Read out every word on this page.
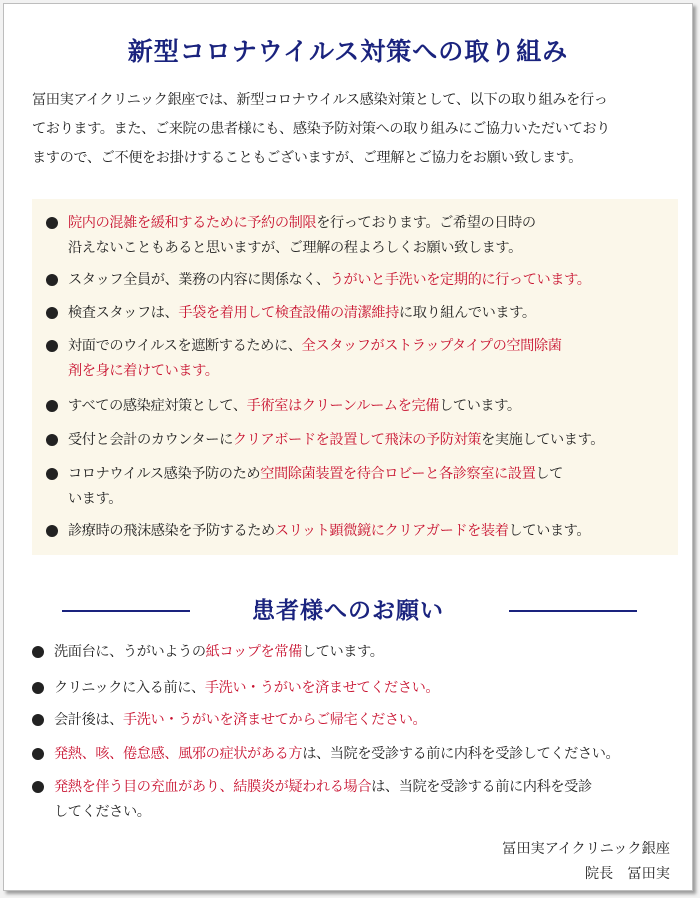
新型コロナウイルス対策への取り組み

冨田実アイクリニック銀座では、新型コロナウイルス感染対策として、以下の取り組みを行っ
ております。また、ご来院の患者様にも、感染予防対策への取り組みにご協力いただいており
ますので、ご不便をお掛けすることもございますが、ご理解とご協力をお願い致します。

院内の混雑を緩和するために予約の制限を行っております。ご希望の日時の
沿えないこともあると思いますが、ご理解の程よろしくお願い致します。
スタッフ全員が、業務の内容に関係なく、うがいと手洗いを定期的に行っています。
検査スタッフは、手袋を着用して検査設備の清潔維持に取り組んでいます。
対面でのウイルスを遮断するために、全スタッフがストラップタイプの空間除菌
剤を身に着けています。
すべての感染症対策として、手術室はクリーンルームを完備しています。
受付と会計のカウンターにクリアボードを設置して飛沫の予防対策を実施しています。
コロナウイルス感染予防のため空間除菌装置を待合ロビーと各診察室に設置して
います。
診療時の飛沫感染を予防するためスリット顕微鏡にクリアガードを装着しています。
患者様へのお願い
洗面台に、うがいようの紙コップを常備しています。
クリニックに入る前に、手洗い・うがいを済ませてください。
会計後は、手洗い・うがいを済ませてからご帰宅ください。
発熱、咳、倦怠感、風邪の症状がある方は、当院を受診する前に内科を受診してください。
発熱を伴う目の充血があり、結膜炎が疑われる場合は、当院を受診する前に内科を受診
してください。
冨田実アイクリニック銀座
院長　冨田実
